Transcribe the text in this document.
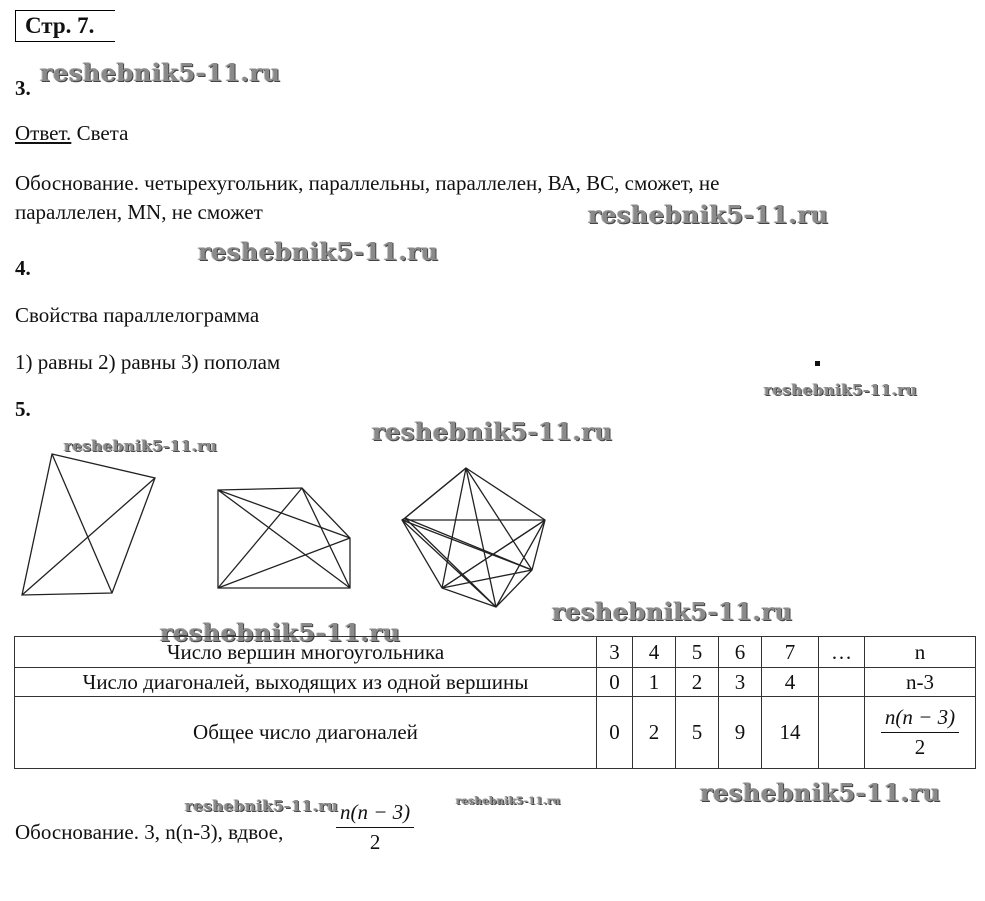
Стр. 7.
reshebnik5-11.ru
reshebnik5-11.ru
reshebnik5-11.ru
reshebnik5-11.ru
reshebnik5-11.ru
reshebnik5-11.ru
reshebnik5-11.ru
reshebnik5-11.ru
reshebnik5-11.ru
reshebnik5-11.ru	reshebnik5-11.ru
3.
Ответ. Света
Обоснование. четырехугольник, параллельны, параллелен, ВА, ВС, сможет, не
параллелен, MN, не сможет
4.
Свойства параллелограмма
1) равны 2) равны 3) пополам
5.
Число вершин многоугольника	3	4	5	6	7	…	n
Число диагоналей, выходящих из одной вершины	0	1	2	3	4		n-3
Общее число диагоналей	0	2	5	9	14		$\frac{n(n - 3)}{2}$
Обоснование. 3, n(n-3), вдвое,	$\frac{n(n - 3)}{2}$
